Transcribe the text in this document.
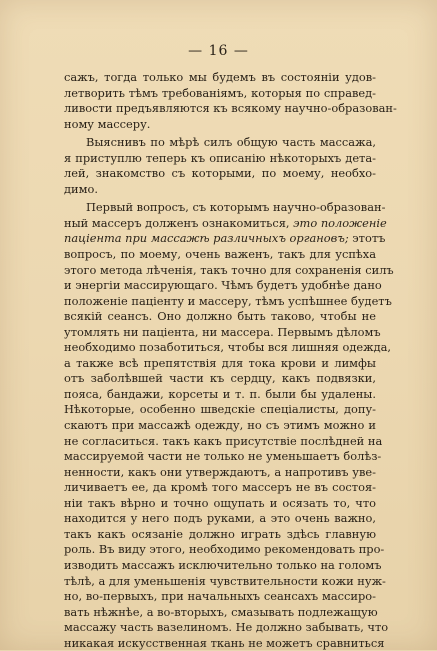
— 16 —
сажъ, тогда только мы будемъ въ состоянiи удов-
летворить тѣмъ требованiямъ, которыя по справед-
ливости предъявляются къ всякому научно-образован-
ному массеру.
Выяснивъ по мѣрѣ силъ общую часть массажа,
я приступлю теперь къ описанiю нѣкоторыхъ дета-
лей, знакомство съ которыми, по моему, необхо-
димо.
Первый вопросъ, съ которымъ научно-образован-
ный массеръ долженъ ознакомиться, это положенiе
пацiента при массажѣ различныхъ органовъ; этотъ
вопросъ, по моему, очень важенъ, такъ для успѣха
этого метода лѣченiя, такъ точно для сохраненiя силъ
и энергiи массирующаго. Чѣмъ будетъ удобнѣе дано
положенiе пацiенту и массеру, тѣмъ успѣшнее будетъ
всякiй сеансъ. Оно должно быть таково, чтобы не
утомлять ни пацiента, ни массера. Первымъ дѣломъ
необходимо позаботиться, чтобы вся лишняя одежда,
а также всѣ препятствiя для тока крови и лимфы
отъ заболѣвшей части къ сердцу, какъ подвязки,
пояса, бандажи, корсеты и т. п. были бы удалены.
Нѣкоторые, особенно шведскiе спецiалисты, допу-
скаютъ при массажѣ одежду, но съ этимъ можно и
не согласиться. такъ какъ присутствiе послѣдней на
массируемой части не только не уменьшаетъ болѣз-
ненности, какъ они утверждаютъ, а напротивъ уве-
личиваетъ ее, да кромѣ того массеръ не въ состоя-
нiи такъ вѣрно и точно ощупать и осязать то, что
находится у него подъ руками, а это очень важно,
такъ какъ осязанiе должно играть здѣсь главную
роль. Въ виду этого, необходимо рекомендовать про-
изводить массажъ исключительно только на голомъ
тѣлѣ, а для уменьшенiя чувствительности кожи нуж-
но, во-первыхъ, при начальныхъ сеансахъ массиро-
вать нѣжнѣе, а во-вторыхъ, смазывать подлежащую
массажу часть вазелиномъ. Не должно забывать, что
никакая искусственная ткань не можетъ сравниться
